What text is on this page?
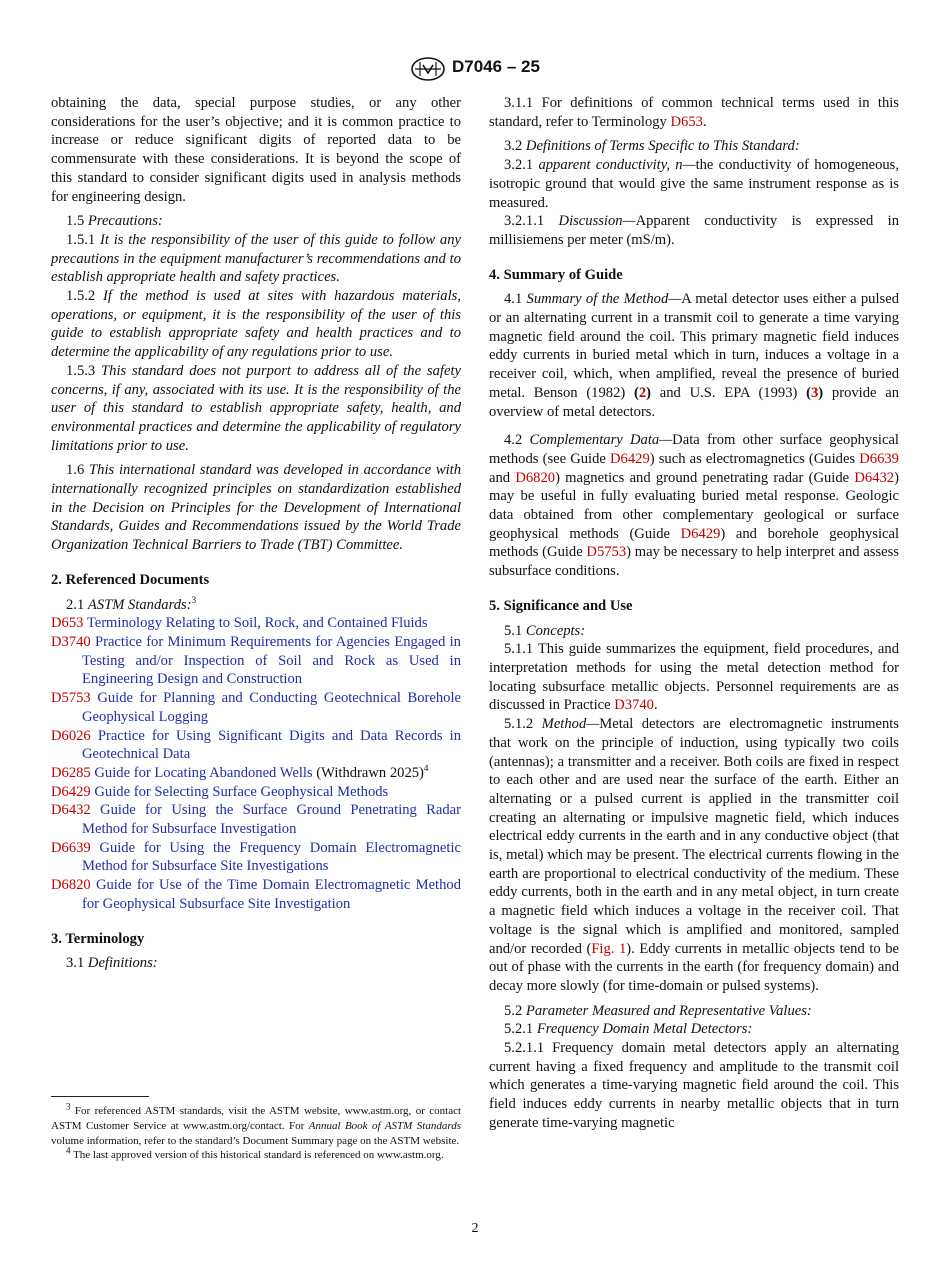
D7046 – 25

obtaining the data, special purpose studies, or any other considerations for the user’s objective; and it is common practice to increase or reduce significant digits of reported data to be commensurate with these considerations. It is beyond the scope of this standard to consider significant digits used in analysis methods for engineering design.

1.5 Precautions:

1.5.1 It is the responsibility of the user of this guide to follow any precautions in the equipment manufacturer’s recommendations and to establish appropriate health and safety practices.

1.5.2 If the method is used at sites with hazardous materials, operations, or equipment, it is the responsibility of the user of this guide to establish appropriate safety and health practices and to determine the applicability of any regulations prior to use.

1.5.3 This standard does not purport to address all of the safety concerns, if any, associated with its use. It is the responsibility of the user of this standard to establish appropriate safety, health, and environmental practices and determine the applicability of regulatory limitations prior to use.

1.6 This international standard was developed in accordance with internationally recognized principles on standardization established in the Decision on Principles for the Development of International Standards, Guides and Recommendations issued by the World Trade Organization Technical Barriers to Trade (TBT) Committee.

2. Referenced Documents

2.1 ASTM Standards:$^3$

D653 Terminology Relating to Soil, Rock, and Contained Fluids

D3740 Practice for Minimum Requirements for Agencies Engaged in Testing and/or Inspection of Soil and Rock as Used in Engineering Design and Construction

D5753 Guide for Planning and Conducting Geotechnical Borehole Geophysical Logging

D6026 Practice for Using Significant Digits and Data Records in Geotechnical Data

D6285 Guide for Locating Abandoned Wells (Withdrawn 2025)$^4$

D6429 Guide for Selecting Surface Geophysical Methods

D6432 Guide for Using the Surface Ground Penetrating Radar Method for Subsurface Investigation

D6639 Guide for Using the Frequency Domain Electromagnetic Method for Subsurface Site Investigations

D6820 Guide for Use of the Time Domain Electromagnetic Method for Geophysical Subsurface Site Investigation

3. Terminology

3.1 Definitions:

3.1.1 For definitions of common technical terms used in this standard, refer to Terminology D653.

3.2 Definitions of Terms Specific to This Standard:

3.2.1 apparent conductivity, n—the conductivity of homogeneous, isotropic ground that would give the same instrument response as is measured.

3.2.1.1 Discussion—Apparent conductivity is expressed in millisiemens per meter (mS/m).

4. Summary of Guide

4.1 Summary of the Method—A metal detector uses either a pulsed or an alternating current in a transmit coil to generate a time varying magnetic field around the coil. This primary magnetic field induces eddy currents in buried metal which in turn, induces a voltage in a receiver coil, which, when amplified, reveal the presence of buried metal. Benson (1982) (2) and U.S. EPA (1993) (3) provide an overview of metal detectors.

4.2 Complementary Data—Data from other surface geophysical methods (see Guide D6429) such as electromagnetics (Guides D6639 and D6820) magnetics and ground penetrating radar (Guide D6432) may be useful in fully evaluating buried metal response. Geologic data obtained from other complementary geological or surface geophysical methods (Guide D6429) and borehole geophysical methods (Guide D5753) may be necessary to help interpret and assess subsurface conditions.

5. Significance and Use

5.1 Concepts:

5.1.1 This guide summarizes the equipment, field procedures, and interpretation methods for using the metal detection method for locating subsurface metallic objects. Personnel requirements are as discussed in Practice D3740.

5.1.2 Method—Metal detectors are electromagnetic instruments that work on the principle of induction, using typically two coils (antennas); a transmitter and a receiver. Both coils are fixed in respect to each other and are used near the surface of the earth. Either an alternating or a pulsed current is applied in the transmitter coil creating an alternating or impulsive magnetic field, which induces electrical eddy currents in the earth and in any conductive object (that is, metal) which may be present. The electrical currents flowing in the earth are proportional to electrical conductivity of the medium. These eddy currents, both in the earth and in any metal object, in turn create a magnetic field which induces a voltage in the receiver coil. That voltage is the signal which is amplified and monitored, sampled and/or recorded (Fig. 1). Eddy currents in metallic objects tend to be out of phase with the currents in the earth (for frequency domain) and decay more slowly (for time-domain or pulsed systems).

5.2 Parameter Measured and Representative Values:

5.2.1 Frequency Domain Metal Detectors:

5.2.1.1 Frequency domain metal detectors apply an alternating current having a fixed frequency and amplitude to the transmit coil which generates a time-varying magnetic field around the coil. This field induces eddy currents in nearby metallic objects that in turn generate time-varying magnetic

$^3$ For referenced ASTM standards, visit the ASTM website, www.astm.org, or contact ASTM Customer Service at www.astm.org/contact. For Annual Book of ASTM Standards volume information, refer to the standard’s Document Summary page on the ASTM website.

$^4$ The last approved version of this historical standard is referenced on www.astm.org.

2
